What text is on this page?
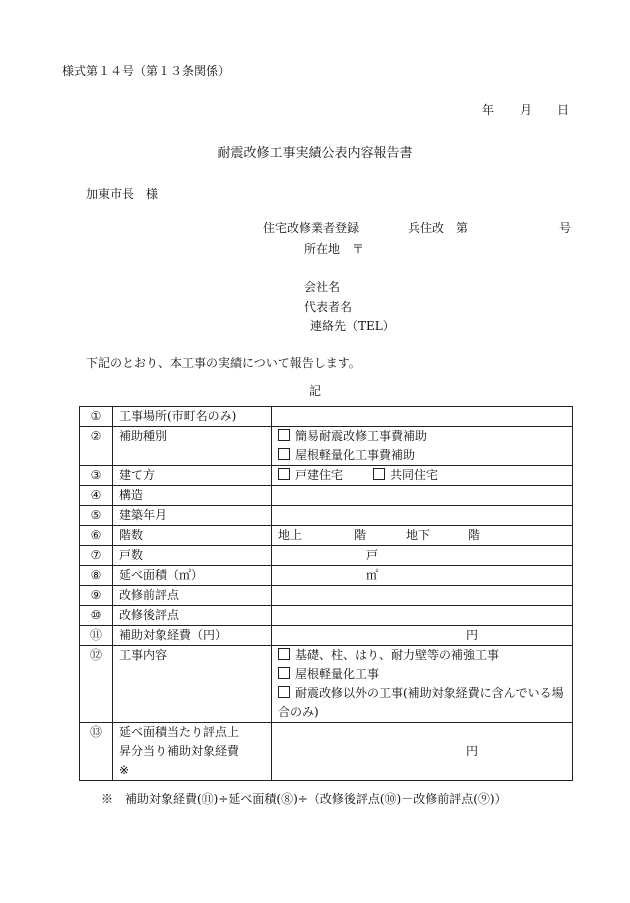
様式第１４号（第１３条関係）
年 月 日
耐震改修工事実績公表内容報告書
加東市長　様
住宅改修業者登録	兵住改 第	号
所在地　〒
会社名
代表者名
連絡先（TEL）
下記のとおり、本工事の実績について報告します。
記
①	工事場所(市町名のみ)	
②	補助種別	簡易耐震改修工事費補助
屋根軽量化工事費補助

③	建て方	戸建住宅 共同住宅
④	構造	
⑤	建築年月	
⑥	階数	地上 階 地下 階
⑦	戸数	戸
⑧	延べ面積（㎡）	㎡
⑨	改修前評点	
⑩	改修後評点	
⑪	補助対象経費（円）	円
⑫	工事内容	基礎、柱、はり、耐力壁等の補強工事
屋根軽量化工事
耐震改修以外の工事(補助対象経費に含んでいる場
合のみ)

⑬	延べ面積当たり評点上
昇分当り補助対象経費
※	円
※　補助対象経費(⑪)÷延べ面積(⑧)÷（改修後評点(⑩)－改修前評点(⑨)）
